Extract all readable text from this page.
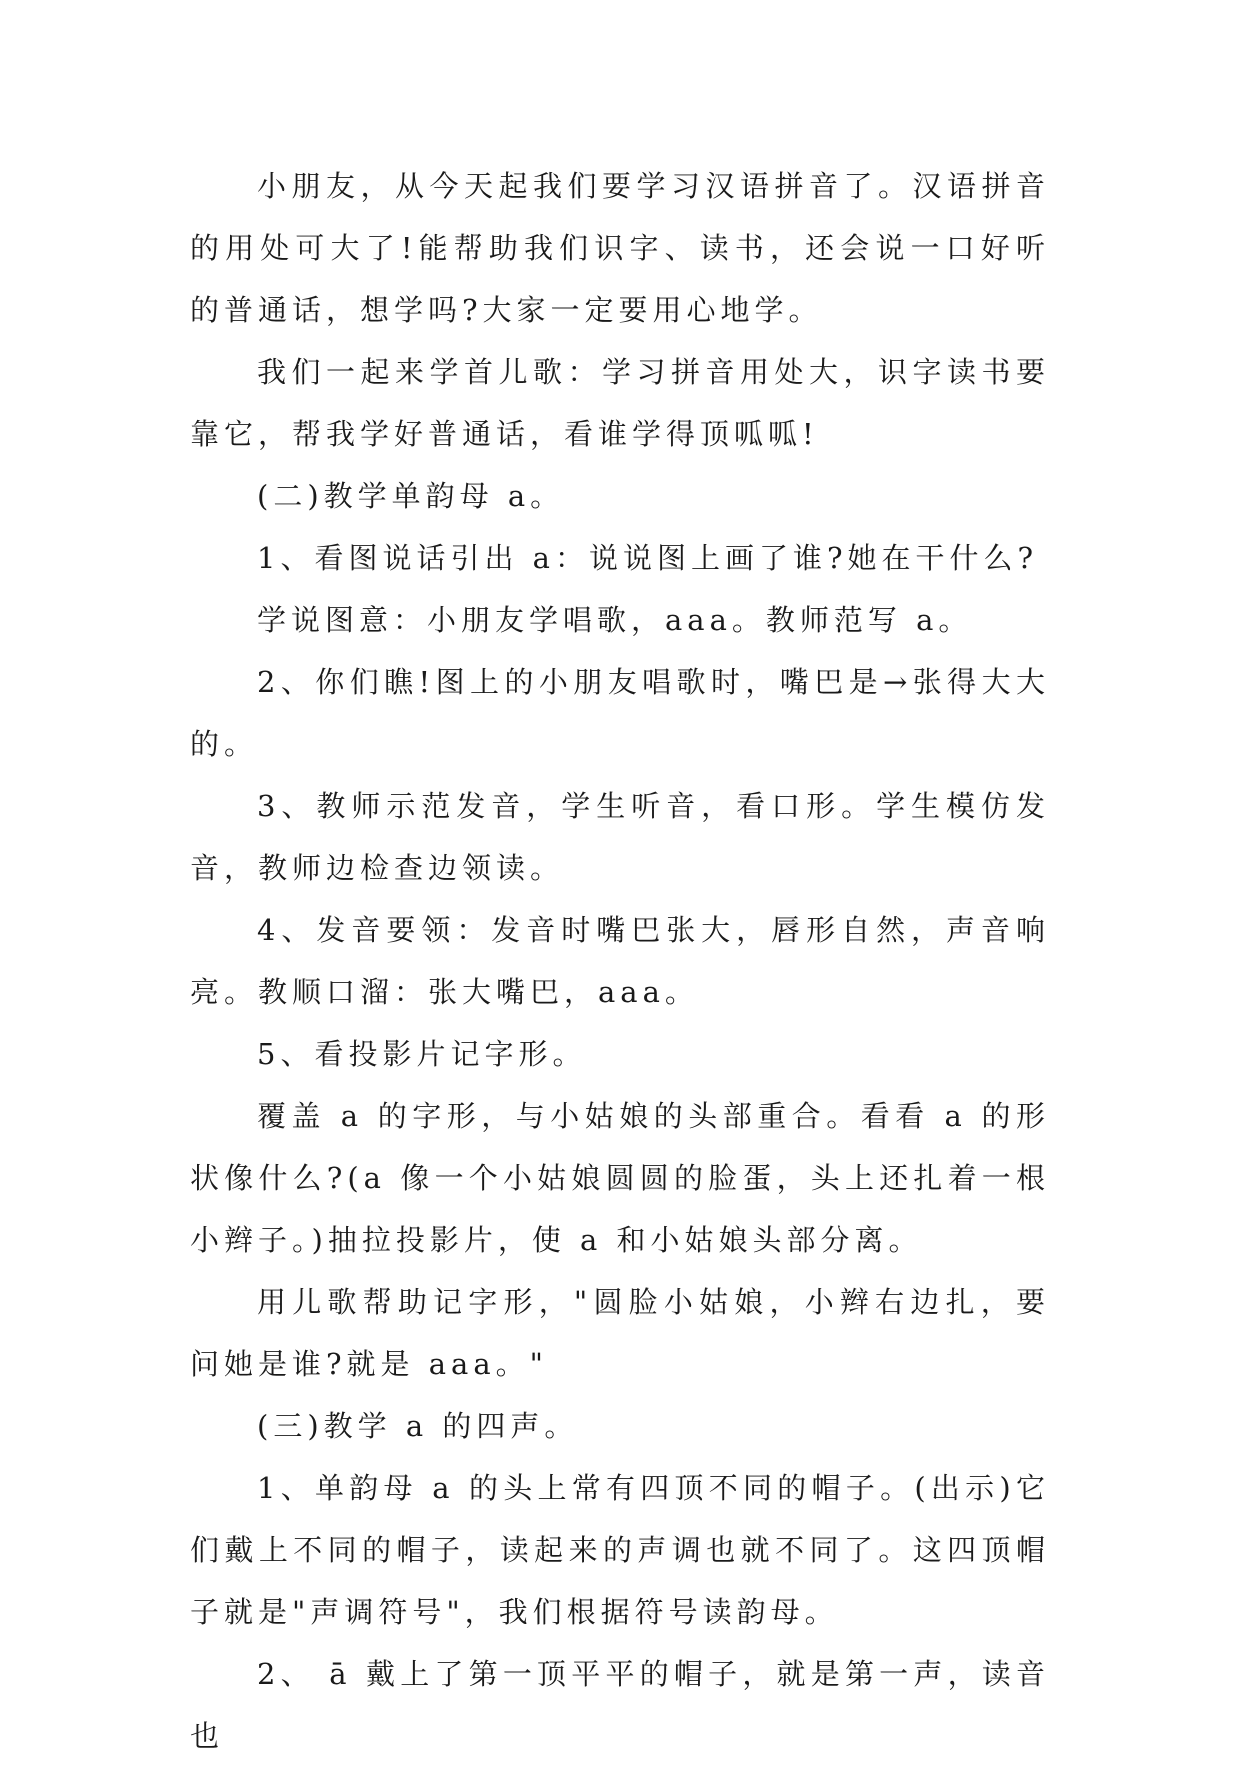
小朋友，从今天起我们要学习汉语拼音了。汉语拼音的用处可大了!能帮助我们识字、读书，还会说一口好听的普通话，想学吗?大家一定要用心地学。

我们一起来学首儿歌：学习拼音用处大，识字读书要靠它，帮我学好普通话，看谁学得顶呱呱!

(二)教学单韵母 a。

1、看图说话引出 a：说说图上画了谁?她在干什么?

学说图意：小朋友学唱歌，aaa。教师范写 a。

2、你们瞧!图上的小朋友唱歌时，嘴巴是→张得大大的。

3、教师示范发音，学生听音，看口形。学生模仿发音，教师边检查边领读。

4、发音要领：发音时嘴巴张大，唇形自然，声音响亮。教顺口溜：张大嘴巴，aaa。

5、看投影片记字形。

覆盖 a 的字形，与小姑娘的头部重合。看看 a 的形状像什么?(a 像一个小姑娘圆圆的脸蛋，头上还扎着一根小辫子。)抽拉投影片，使 a 和小姑娘头部分离。

用儿歌帮助记字形，"圆脸小姑娘，小辫右边扎，要问她是谁?就是 aaa。"

(三)教学 a 的四声。

1、单韵母 a 的头上常有四顶不同的帽子。(出示)它们戴上不同的帽子，读起来的声调也就不同了。这四顶帽子就是"声调符号"，我们根据符号读韵母。

2、 ā 戴上了第一顶平平的帽子，就是第一声，读音也
